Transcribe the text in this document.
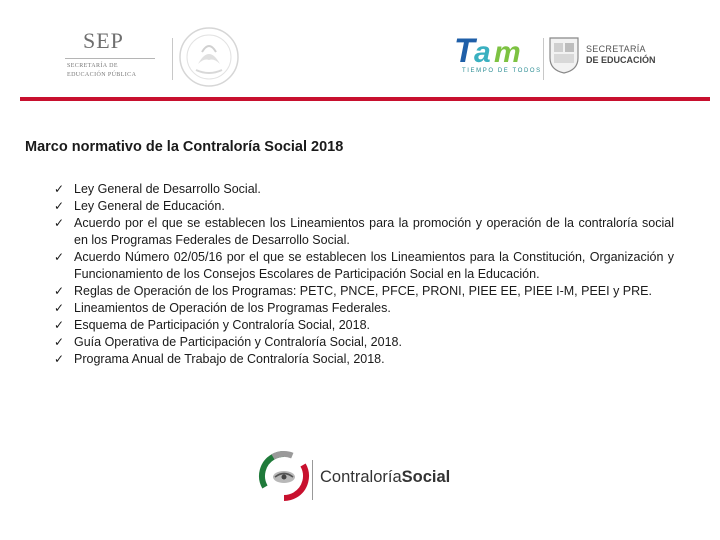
SEP
SECRETARÍA DE
EDUCACIÓN PÚBLICA
T a m
TIEMPO DE TODOS
SECRETARÍA
DE EDUCACIÓN
Marco normativo de la Contraloría Social 2018
✓ Ley General de Desarrollo Social.
✓ Ley General de Educación.
✓ Acuerdo por el que se establecen los Lineamientos para la promoción y operación de la contraloría social en los Programas Federales de Desarrollo Social.
✓ Acuerdo Número 02/05/16 por el que se establecen los Lineamientos para la Constitución, Organización y Funcionamiento de los Consejos Escolares de Participación Social en la Educación.
✓ Reglas de Operación de los Programas: PETC, PNCE, PFCE, PRONI, PIEE EE, PIEE I-M, PEEI y PRE.
✓ Lineamientos de Operación de los Programas Federales.
✓ Esquema de Participación y Contraloría Social, 2018.
✓ Guía Operativa de Participación y Contraloría Social, 2018.
✓ Programa Anual de Trabajo de Contraloría Social, 2018.
ContraloríaSocial
